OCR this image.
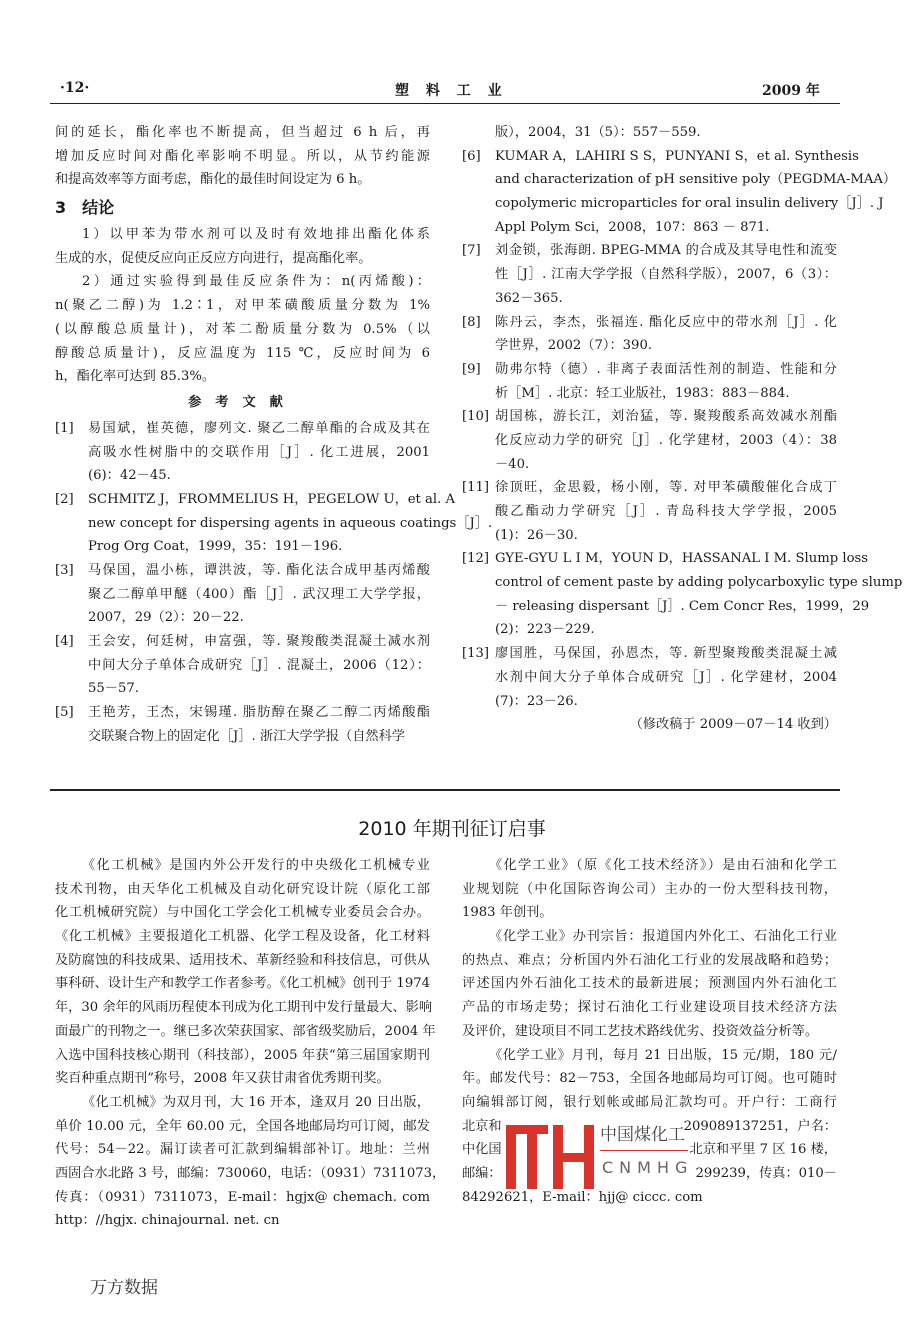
·12·	塑 料 工 业	2009 年
间的延长，酯化率也不断提高，但当超过 6 h 后，再
增加反应时间对酯化率影响不明显。所以，从节约能源
和提高效率等方面考虑，酯化的最佳时间设定为 6 h。
3　结论
1）以甲苯为带水剂可以及时有效地排出酯化体系
生成的水，促使反应向正反应方向进行，提高酯化率。
2）通过实验得到最佳反应条件为：n(丙烯酸)：
n(聚乙二醇)为 1.2∶1，对甲苯磺酸质量分数为 1%
(以醇酸总质量计)，对苯二酚质量分数为 0.5%（以
醇酸总质量计)，反应温度为 115 ℃，反应时间为 6
h，酯化率可达到 85.3%。
参考文献
[1]	易国斌，崔英德，廖列文. 聚乙二醇单酯的合成及其在
高吸水性树脂中的交联作用［J］. 化工进展，2001
(6)：42－45.
[2]	SCHMITZ J，FROMMELIUS H，PEGELOW U，et al. A
new concept for dispersing agents in aqueous coatings［J］.
Prog Org Coat，1999，35：191－196.
[3]	马保国，温小栋，谭洪波，等. 酯化法合成甲基丙烯酸
聚乙二醇单甲醚（400）酯［J］. 武汉理工大学学报，
2007，29（2）：20－22.
[4]	王会安，何廷树，申富强，等. 聚羧酸类混凝土减水剂
中间大分子单体合成研究［J］. 混凝土，2006（12）：
55－57.
[5]	王艳芳，王杰，宋锡瑾. 脂肪醇在聚乙二醇二丙烯酸酯
交联聚合物上的固定化［J］. 浙江大学学报（自然科学
版），2004，31（5）：557－559.
[6]	KUMAR A，LAHIRI S S，PUNYANI S，et al. Synthesis
and characterization of pH sensitive poly（PEGDMA-MAA）
copolymeric microparticles for oral insulin delivery［J］. J
Appl Polym Sci，2008，107：863 － 871.
[7]	刘金锁，张海朗. BPEG-MMA 的合成及其导电性和流变
性［J］. 江南大学学报（自然科学版），2007，6（3）：
362－365.
[8]	陈丹云，李杰，张福连. 酯化反应中的带水剂［J］. 化
学世界，2002（7）：390.
[9]	勋弗尔特（德）. 非离子表面活性剂的制造、性能和分
析［M］. 北京：轻工业版社，1983：883－884.
[10] 胡国栋，游长江，刘治猛，等. 聚羧酸系高效减水剂酯
化反应动力学的研究［J］. 化学建材，2003（4）：38
－40.
[11] 徐顶旺，金思毅，杨小刚，等. 对甲苯磺酸催化合成丁
酸乙酯动力学研究［J］. 青岛科技大学学报，2005
(1)：26－30.
[12] GYE-GYU L I M，YOUN D，HASSANAL I M. Slump loss
control of cement paste by adding polycarboxylic type slump
－ releasing dispersant［J］. Cem Concr Res，1999，29
(2)：223－229.
[13] 廖国胜，马保国，孙恩杰，等. 新型聚羧酸类混凝土减
水剂中间大分子单体合成研究［J］. 化学建材，2004
(7)：23－26.
（修改稿于 2009－07－14 收到）
2010 年期刊征订启事
《化工机械》是国内外公开发行的中央级化工机械专业
技术刊物，由天华化工机械及自动化研究设计院（原化工部
化工机械研究院）与中国化工学会化工机械专业委员会合办。
《化工机械》主要报道化工机器、化学工程及设备，化工材料
及防腐蚀的科技成果、适用技术、革新经验和科技信息，可供从
事科研、设计生产和教学工作者参考。《化工机械》创刊于 1974
年，30 余年的风雨历程使本刊成为化工期刊中发行量最大、影响
面最广的刊物之一。继已多次荣获国家、部省级奖励后，2004 年
入选中国科技核心期刊（科技部），2005 年获“第三届国家期刊
奖百种重点期刊”称号，2008 年又获甘肃省优秀期刊奖。
《化工机械》为双月刊，大 16 开本，逢双月 20 日出版，
单价 10.00 元，全年 60.00 元，全国各地邮局均可订阅，邮发
代号：54－22。漏订读者可汇款到编辑部补订。地址：兰州
西固合水北路 3 号，邮编：730060，电话：（0931）7311073，
传真：（0931）7311073，E-mail：hgjx@ chemach. com
http：//hgjx. chinajournal. net. cn
中国煤化工
CNMHG
《化学工业》（原《化工技术经济》）是由石油和化学工
业规划院（中化国际咨询公司）主办的一份大型科技刊物，
1983 年创刊。
《化学工业》办刊宗旨：报道国内外化工、石油化工行业
的热点、难点；分析国内外石油化工行业的发展战略和趋势；
评述国内外石油化工技术的最新进展；预测国内外石油化工
产品的市场走势；探讨石油化工行业建设项目技术经济方法
及评价，建设项目不同工艺技术路线优劣、投资效益分析等。
《化学工业》月刊，每月 21 日出版，15 元/期，180 元/
年。邮发代号：82－753，全国各地邮局均可订阅。也可随时
向编辑部订阅，银行划帐或邮局汇款均可。开户行：工商行
北京和	209089137251，户名：
中化国	北京和平里 7 区 16 楼，
邮编：	299239，传真：010－
84292621，E-mail：hjj@ ciccc. com
万方数据
